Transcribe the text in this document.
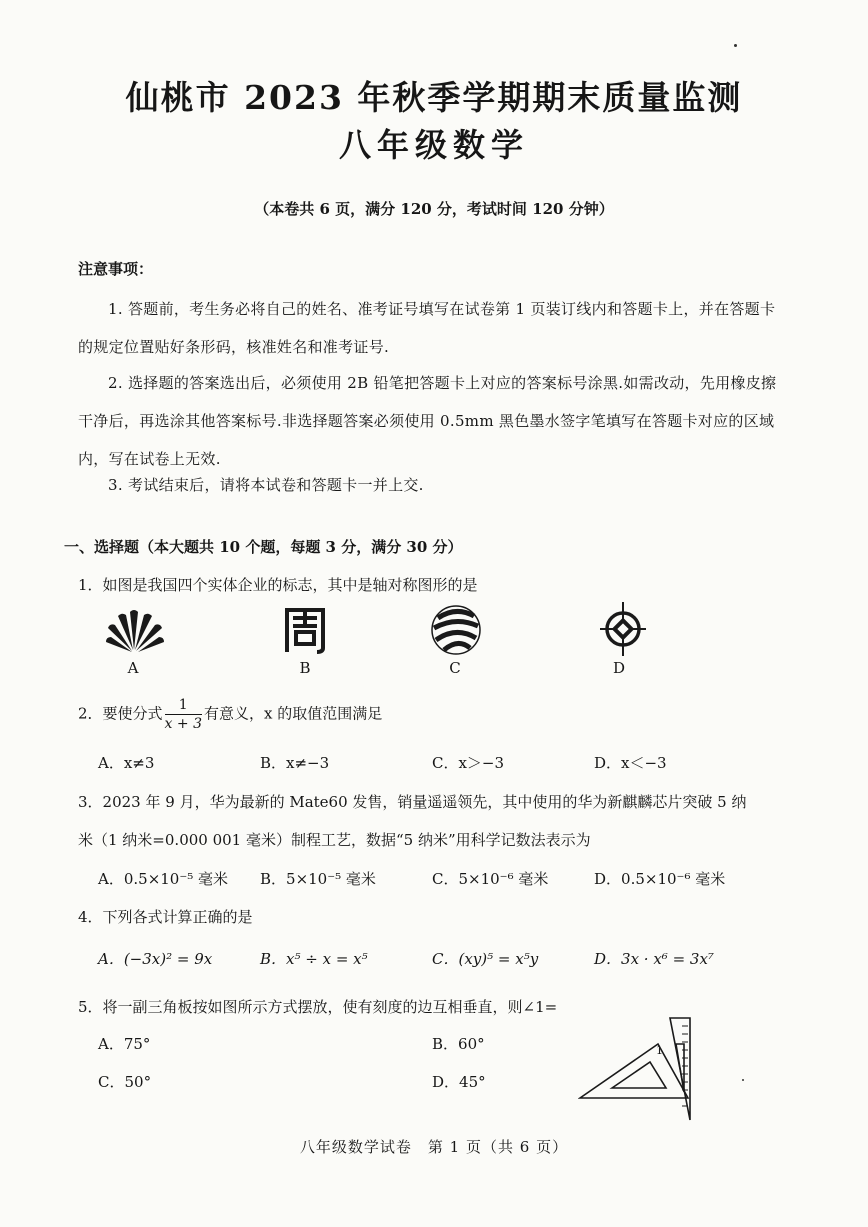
仙桃市 2023 年秋季学期期末质量监测
八年级数学
（本卷共 6 页，满分 120 分，考试时间 120 分钟）
注意事项：
1. 答题前，考生务必将自己的姓名、准考证号填写在试卷第 1 页装订线内和答题卡上，并在答题卡的规定位置贴好条形码，核准姓名和准考证号.
2. 选择题的答案选出后，必须使用 2B 铅笔把答题卡上对应的答案标号涂黑.如需改动，先用橡皮擦干净后，再选涂其他答案标号.非选择题答案必须使用 0.5mm 黑色墨水签字笔填写在答题卡对应的区域内，写在试卷上无效.
3. 考试结束后，请将本试卷和答题卡一并上交.
一、选择题（本大题共 10 个题，每题 3 分，满分 30 分）
1．如图是我国四个实体企业的标志，其中是轴对称图形的是
A	B	C	D
2．要使分式 $\frac{1}{x + 3}$ 有意义，x 的取值范围满足
A．x≠3	B．x≠−3	C．x＞−3	D．x＜−3
3．2023 年 9 月，华为最新的 Mate60 发售，销量遥遥领先，其中使用的华为新麒麟芯片突破 5 纳
米（1 纳米=0.000 001 毫米）制程工艺，数据“5 纳米”用科学记数法表示为
A．0.5×10⁻⁵ 毫米 B．5×10⁻⁵ 毫米	C．5×10⁻⁶ 毫米	D．0.5×10⁻⁶ 毫米
4．下列各式计算正确的是
A．(−3x)² = 9x	B．x⁵ ÷ x = x⁵	C．(xy)⁵ = x⁵y	D．3x · x⁶ = 3x⁷
5．将一副三角板按如图所示方式摆放，使有刻度的边互相垂直，则∠1=
A．75°	B．60°
C．50°	D．45°
1
八年级数学试卷　第 1 页（共 6 页）
